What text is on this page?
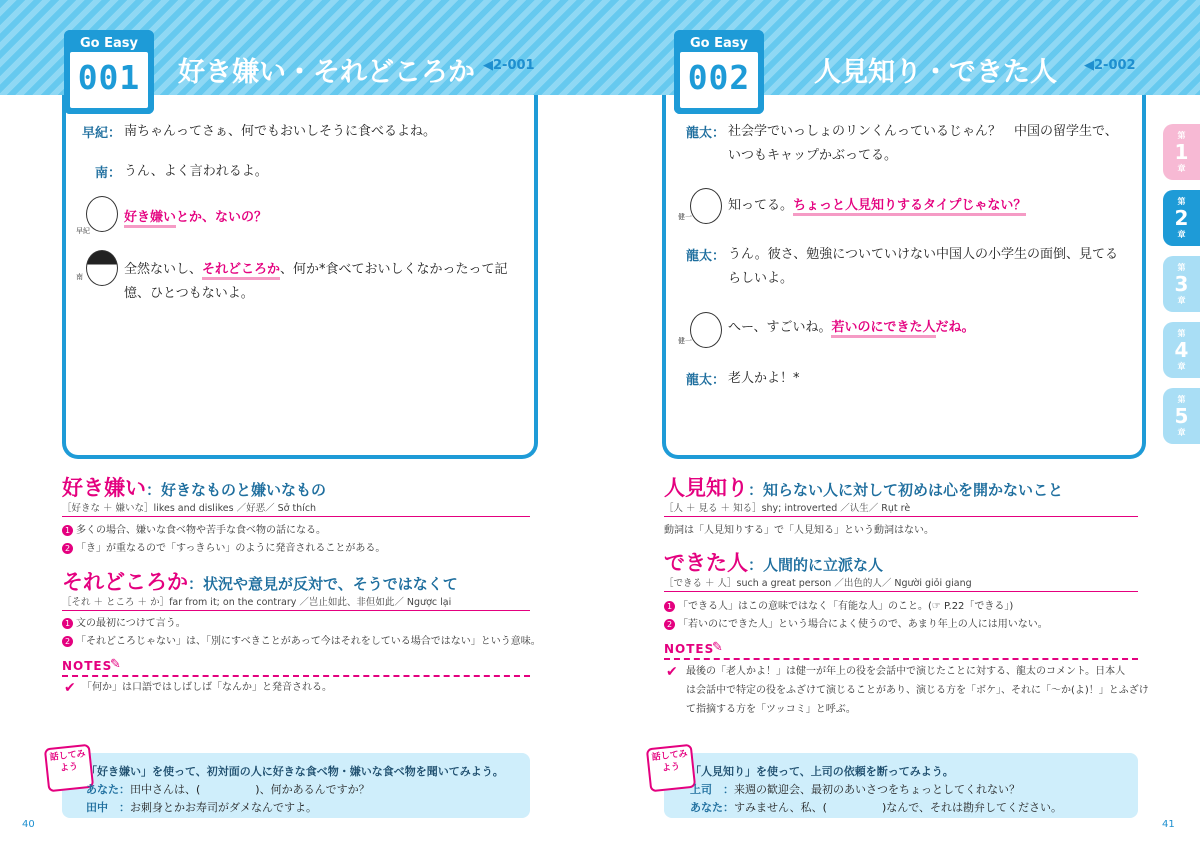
Go Easy
001	好き嫌い・それどころか ◀2-001
早紀： 南ちゃんってさぁ、何でもおいしそうに食べるよね。
南： うん、よく言われるよ。
早紀
好き嫌いとか、ないの？
南	全然ないし、それどころか、何か*食べておいしくなかったって記
憶、ひとつもないよ。
好き嫌い：好きなものと嫌いなもの
［好きな ＋ 嫌いな］likes and dislikes ／好恶／ Sở thích
1 多くの場合、嫌いな食べ物や苦手な食べ物の話になる。
2 「き」が重なるので「すっきらい」のように発音されることがある。
それどころか：状況や意見が反対で、そうではなくて
［それ ＋ ところ ＋ か］far from it; on the contrary ／岂止如此、非但如此／ Ngược lại
1 文の最初につけて言う。
2 「それどころじゃない」は、「別にすべきことがあって今はそれをしている場合ではない」という意味。
NOTES
✎
✔ 「何か」は口語ではしばしば「なんか」と発音される。
話してみよう 「好き嫌い」を使って、初対面の人に好きな食べ物・嫌いな食べ物を聞いてみよう。
あなた：田中さんは、(　　　　　)、何かあるんですか？
田中　：お刺身とかお寿司がダメなんですよ。
40
Go Easy
002	人見知り・できた人 ◀2-002
龍太： 社会学でいっしょのリンくんっているじゃん？　中国の留学生で、
いつもキャップかぶってる。
健一
知ってる。ちょっと人見知りするタイプじゃない？
龍太： うん。彼さ、勉強についていけない中国人の小学生の面倒、見てる
らしいよ。
健一
へー、すごいね。若いのにできた人だね。
龍太： 老人かよ！*
人見知り：知らない人に対して初めは心を開かないこと
［人 ＋ 見る ＋ 知る］shy; introverted ／认生／ Rụt rè
動詞は「人見知りする」で「人見知る」という動詞はない。
できた人：人間的に立派な人
［できる ＋ 人］such a great person ／出色的人／ Người giỏi giang
1 「できる人」はこの意味ではなく「有能な人」のこと。(☞ P.22「できる」)
2 「若いのにできた人」という場合によく使うので、あまり年上の人には用いない。
NOTES
✎
✔ 最後の「老人かよ！」は健一が年上の役を会話中で演じたことに対する、龍太のコメント。日本人
は会話中で特定の役をふざけて演じることがあり、演じる方を「ボケ」、それに「〜か(よ)！」とふざけ
て指摘する方を「ツッコミ」と呼ぶ。
話してみよう 「人見知り」を使って、上司の依頼を断ってみよう。
上司　：来週の歓迎会、最初のあいさつをちょっとしてくれない？
あなた：すみません、私、(　　　　　)なんで、それは勘弁してください。
41
第
1
章
第
2
章
第
3
章
第
4
章
第
5
章
